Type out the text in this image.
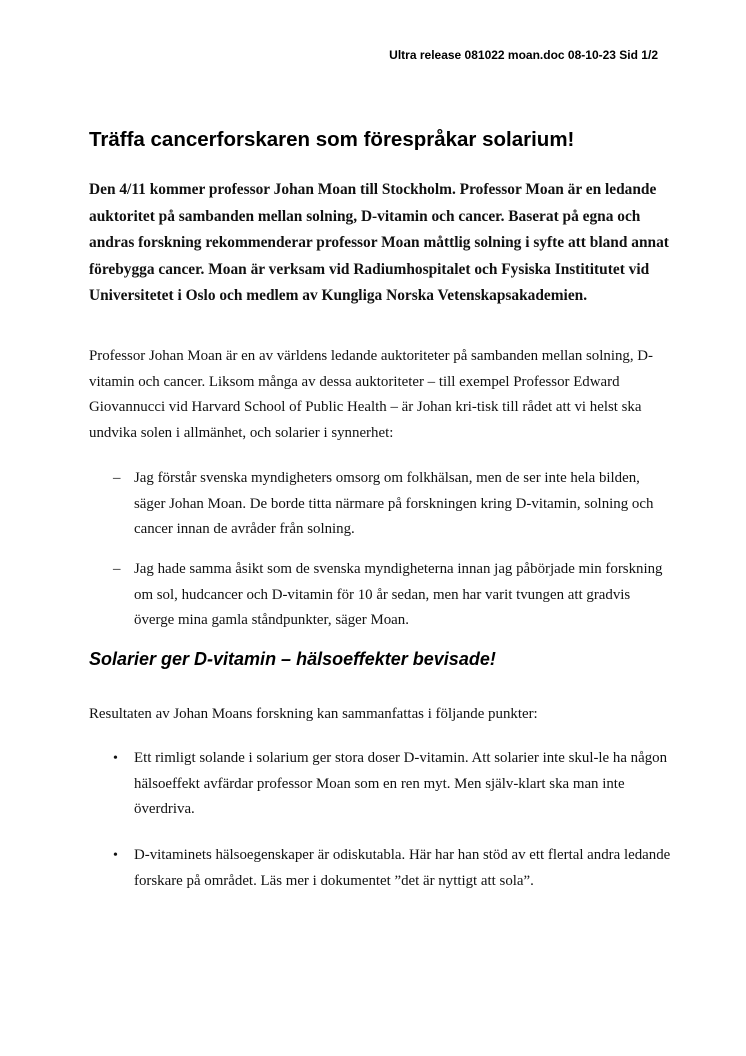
Ultra release 081022 moan.doc 08-10-23 Sid 1/2
Träffa cancerforskaren som förespråkar solarium!

Den 4/11 kommer professor Johan Moan till Stockholm. Professor Moan är en ledande auktoritet på sambanden mellan solning, D-vitamin och cancer. Baserat på egna och andras forskning rekommenderar professor Moan måttlig solning i syfte att bland annat förebygga cancer. Moan är verksam vid Radiumhospitalet och Fysiska Instititutet vid Universitetet i Oslo och medlem av Kungliga Norska Vetenskapsakademien.

Professor Johan Moan är en av världens ledande auktoriteter på sambanden mellan solning, D-vitamin och cancer. Liksom många av dessa auktoriteter – till exempel Professor Edward Giovannucci vid Harvard School of Public Health – är Johan kri-tisk till rådet att vi helst ska undvika solen i allmänhet, och solarier i synnerhet:

– Jag förstår svenska myndigheters omsorg om folkhälsan, men de ser inte hela bilden, säger Johan Moan. De borde titta närmare på forskningen kring D-vitamin, solning och cancer innan de avråder från solning.
– Jag hade samma åsikt som de svenska myndigheterna innan jag påbörjade min forskning om sol, hudcancer och D-vitamin för 10 år sedan, men har varit tvungen att gradvis överge mina gamla ståndpunkter, säger Moan.
Solarier ger D-vitamin – hälsoeffekter bevisade!

Resultaten av Johan Moans forskning kan sammanfattas i följande punkter:

• Ett rimligt solande i solarium ger stora doser D-vitamin. Att solarier inte skul-le ha någon hälsoeffekt avfärdar professor Moan som en ren myt. Men själv-klart ska man inte överdriva.
• D-vitaminets hälsoegenskaper är odiskutabla. Här har han stöd av ett flertal andra ledande forskare på området. Läs mer i dokumentet ”det är nyttigt att sola”.
